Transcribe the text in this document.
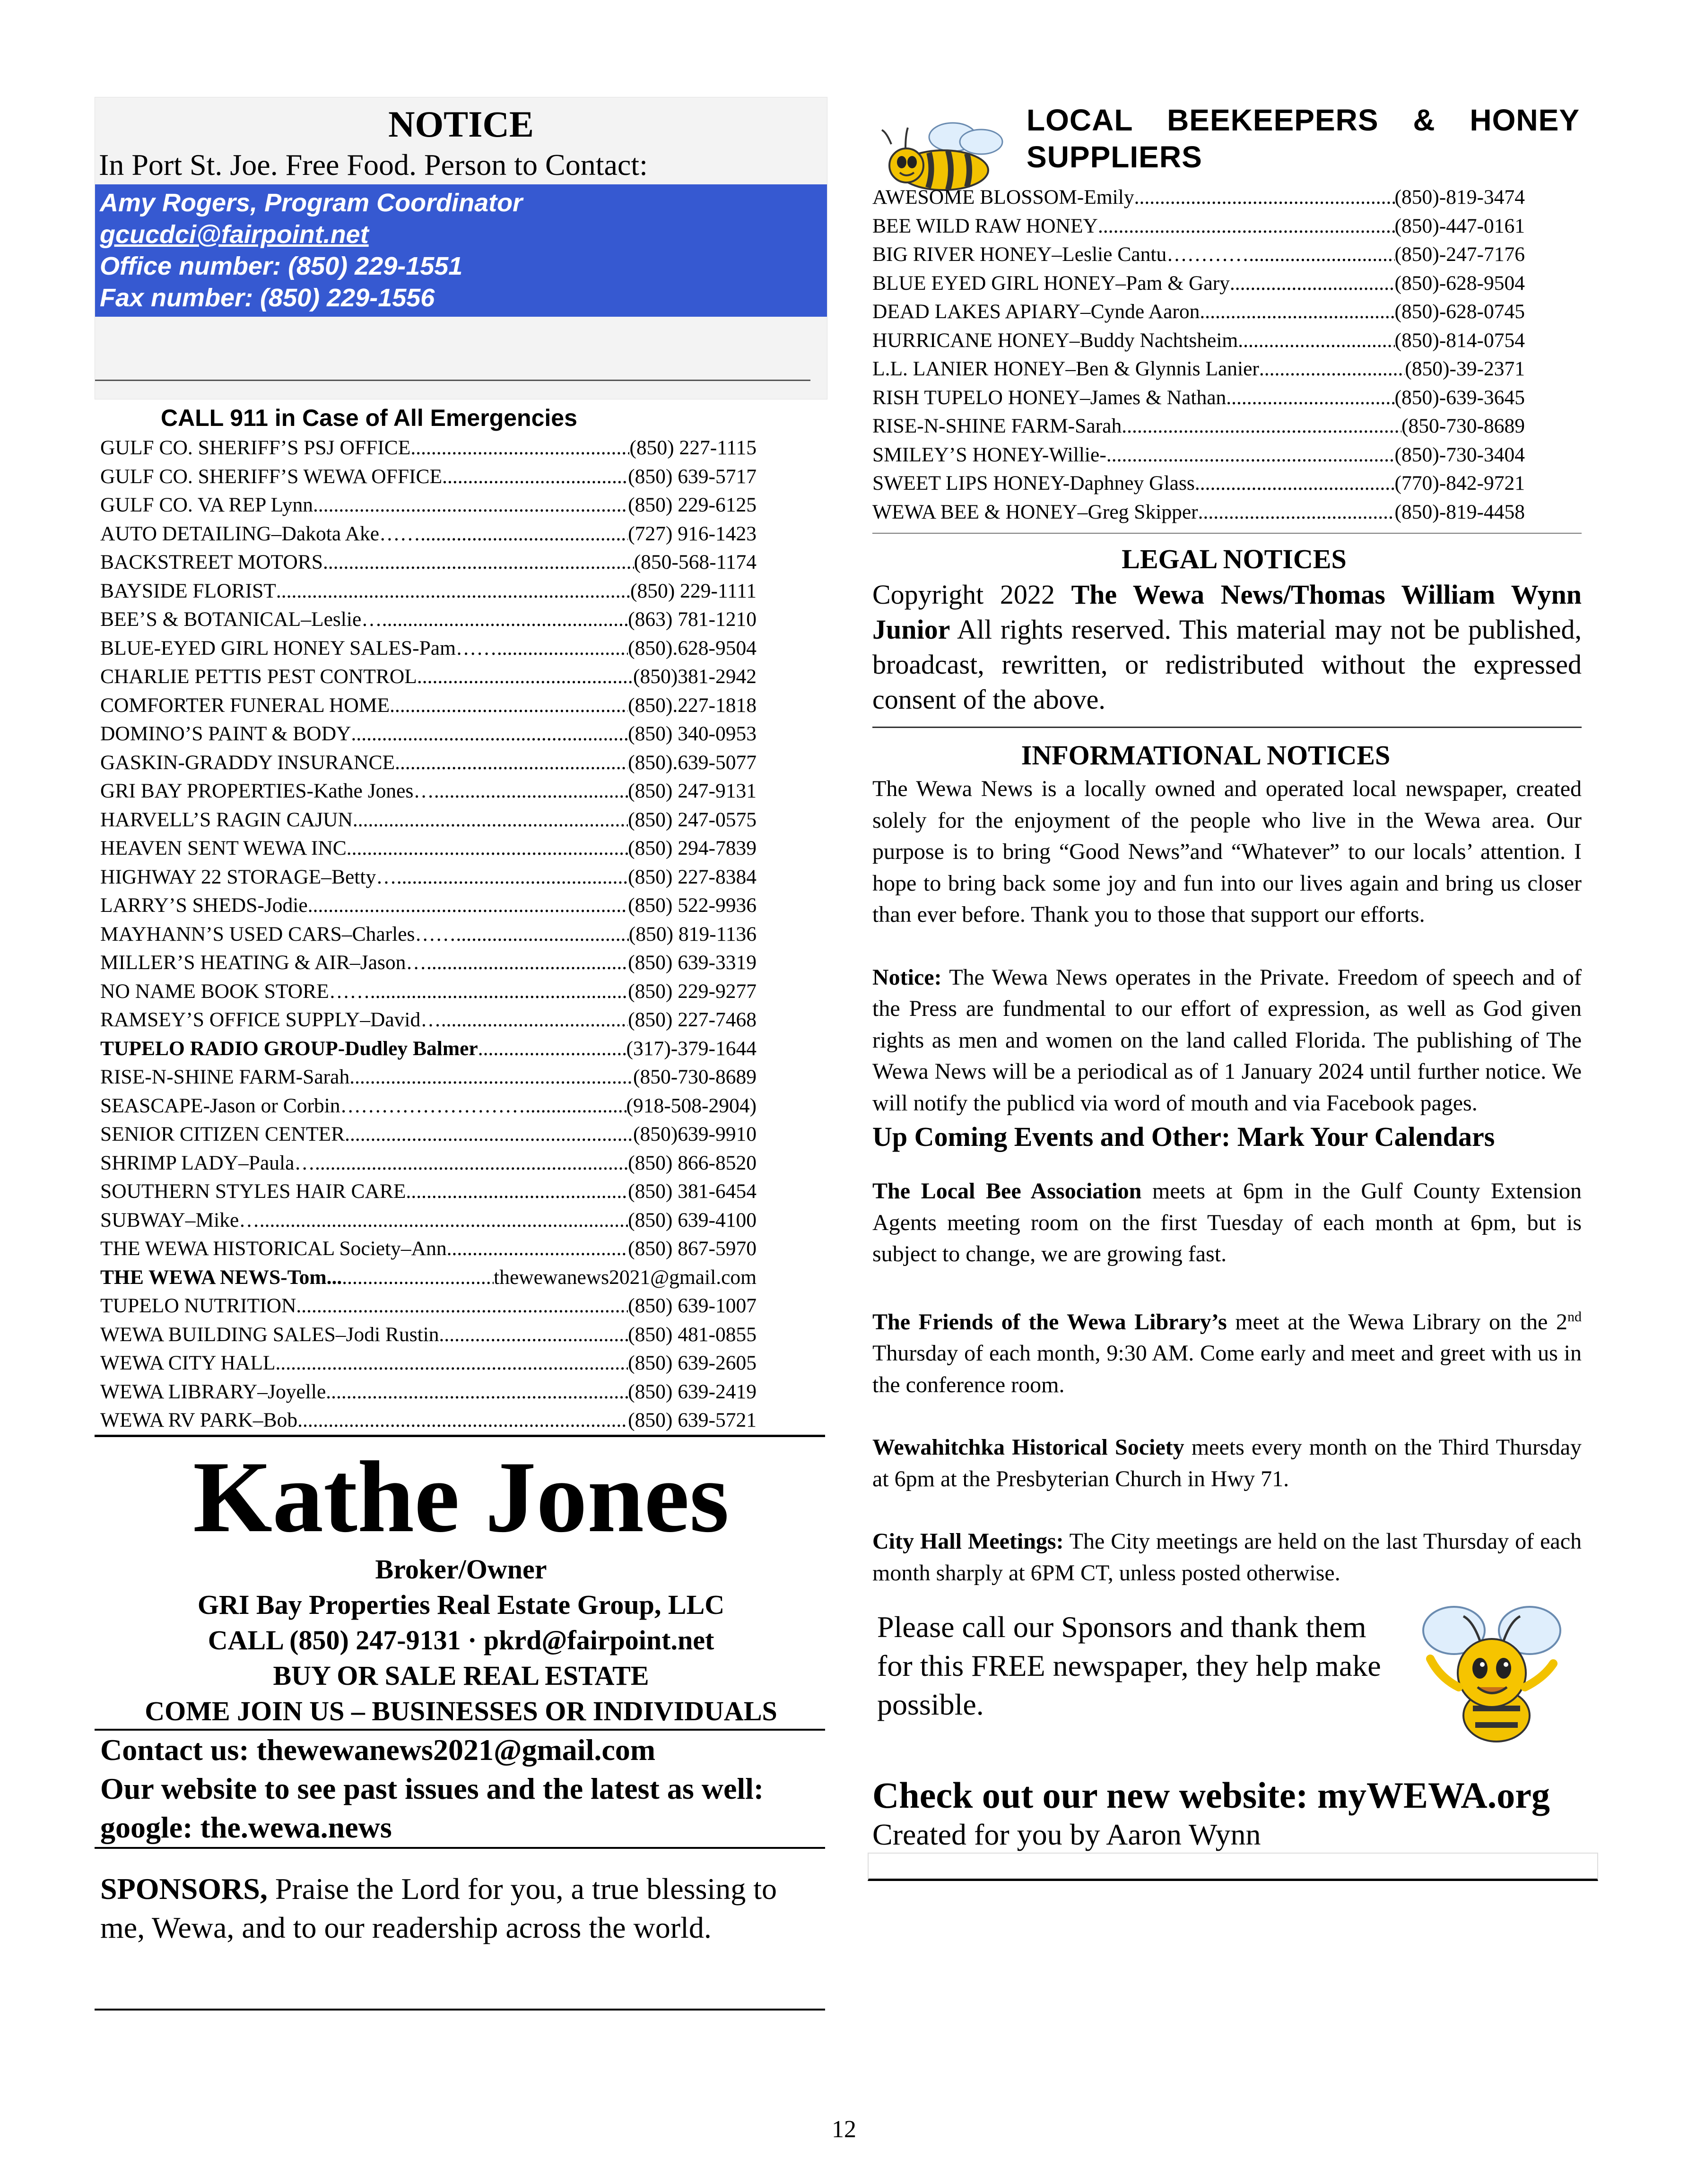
NOTICE
In Port St. Joe. Free Food. Person to Contact:
Amy Rogers, Program Coordinator
gcucdci@fairpoint.net
Office number: (850) 229-1551
Fax number: (850) 229-1556
CALL 911 in Case of All Emergencies
GULF CO. SHERIFF’S PSJ OFFICE .....	(850) 227-1115
GULF CO. SHERIFF’S WEWA OFFICE .....	(850) 639-5717
GULF CO. VA REP Lynn .....	(850) 229-6125
AUTO DETAILING–Dakota Ake…… .....	(727) 916-1423
BACKSTREET MOTORS .....	(850-568-1174
BAYSIDE FLORIST .....	(850) 229-1111
BEE’S & BOTANICAL–Leslie… .....	(863) 781-1210
BLUE-EYED GIRL HONEY SALES-Pam…… .....	(850).628-9504
CHARLIE PETTIS PEST CONTROL .....	(850)381-2942
COMFORTER FUNERAL HOME .....	(850).227-1818
DOMINO’S PAINT & BODY .....	(850) 340-0953
GASKIN-GRADDY INSURANCE .....	(850).639-5077
GRI BAY PROPERTIES-Kathe Jones… .....	(850) 247-9131
HARVELL’S RAGIN CAJUN .....	(850) 247-0575
HEAVEN SENT WEWA INC .....	(850) 294-7839
HIGHWAY 22 STORAGE–Betty… .....	(850) 227-8384
LARRY’S SHEDS-Jodie .....	(850) 522-9936
MAYHANN’S USED CARS–Charles…… .....	(850) 819-1136
MILLER’S HEATING & AIR–Jason… .....	(850) 639-3319
NO NAME BOOK STORE…… .....	(850) 229-9277
RAMSEY’S OFFICE SUPPLY–David… .....	(850) 227-7468
TUPELO RADIO GROUP-Dudley Balmer .....	(317)-379-1644
RISE-N-SHINE FARM-Sarah .....	(850-730-8689
SEASCAPE-Jason or Corbin……………………… .....	(918-508-2904)
SENIOR CITIZEN CENTER .....	(850)639-9910
SHRIMP LADY–Paula… .....	(850) 866-8520
SOUTHERN STYLES HAIR CARE .....	(850) 381-6454
SUBWAY–Mike… .....	(850) 639-4100
THE WEWA HISTORICAL Society–Ann .....	(850) 867-5970
THE WEWA NEWS-Tom... .....	thewewanews2021@gmail.com
TUPELO NUTRITION .....	(850) 639-1007
WEWA BUILDING SALES–Jodi Rustin .....	(850) 481-0855
WEWA CITY HALL .....	(850) 639-2605
WEWA LIBRARY–Joyelle .....	(850) 639-2419
WEWA RV PARK–Bob .....	(850) 639-5721
Kathe Jones
Broker/Owner
GRI Bay Properties Real Estate Group, LLC
CALL (850) 247-9131 · pkrd@fairpoint.net
BUY OR SALE REAL ESTATE
COME JOIN US – BUSINESSES OR INDIVIDUALS
Contact us: thewewanews2021@gmail.com
Our website to see past issues and the latest as well:
google: the.wewa.news
SPONSORS, Praise the Lord for you, a true blessing to me, Wewa, and to our readership across the world.
LOCAL BEEKEEPERS & HONEY SUPPLIERS
AWESOME BLOSSOM-Emily .....	(850)-819-3474
BEE WILD RAW HONEY .....	(850)-447-0161
BIG RIVER HONEY–Leslie Cantu…………. .....	(850)-247-7176
BLUE EYED GIRL HONEY–Pam & Gary .....	(850)-628-9504
DEAD LAKES APIARY–Cynde Aaron .....	(850)-628-0745
HURRICANE HONEY–Buddy Nachtsheim .....	(850)-814-0754
L.L. LANIER HONEY–Ben & Glynnis Lanier .....	(850)-39-2371
RISH TUPELO HONEY–James & Nathan .....	(850)-639-3645
RISE-N-SHINE FARM-Sarah .....	(850-730-8689
SMILEY’S HONEY-Willie- .....	(850)-730-3404
SWEET LIPS HONEY-Daphney Glass .....	(770)-842-9721
WEWA BEE & HONEY–Greg Skipper .....	(850)-819-4458
LEGAL NOTICES
Copyright 2022 The Wewa News/Thomas William Wynn Junior All rights reserved. This material may not be published, broadcast, rewritten, or redistributed without the expressed consent of the above.
INFORMATIONAL NOTICES

The Wewa News is a locally owned and operated local newspaper, created solely for the enjoyment of the people who live in the Wewa area. Our purpose is to bring “Good News”and “Whatever” to our locals’ attention. I hope to bring back some joy and fun into our lives again and bring us closer than ever before. Thank you to those that support our efforts.

Notice: The Wewa News operates in the Private. Freedom of speech and of the Press are fundmental to our effort of expression, as well as God given rights as men and women on the land called Florida. The publishing of The Wewa News will be a periodical as of 1 January 2024 until further notice. We will notify the publicd via word of mouth and via Facebook pages.

Up Coming Events and Other: Mark Your Calendars

The Local Bee Association meets at 6pm in the Gulf County Extension Agents meeting room on the first Tuesday of each month at 6pm, but is subject to change, we are growing fast.

The Friends of the Wewa Library’s meet at the Wewa Library on the 2nd Thursday of each month, 9:30 AM. Come early and meet and greet with us in the conference room.

Wewahitchka Historical Society meets every month on the Third Thursday at 6pm at the Presbyterian Church in Hwy 71.

City Hall Meetings: The City meetings are held on the last Thursday of each month sharply at 6PM CT, unless posted otherwise.

Please call our Sponsors and thank them for this FREE newspaper, they help make possible.
Check out our new website: myWEWA.org
Created for you by Aaron Wynn
12
